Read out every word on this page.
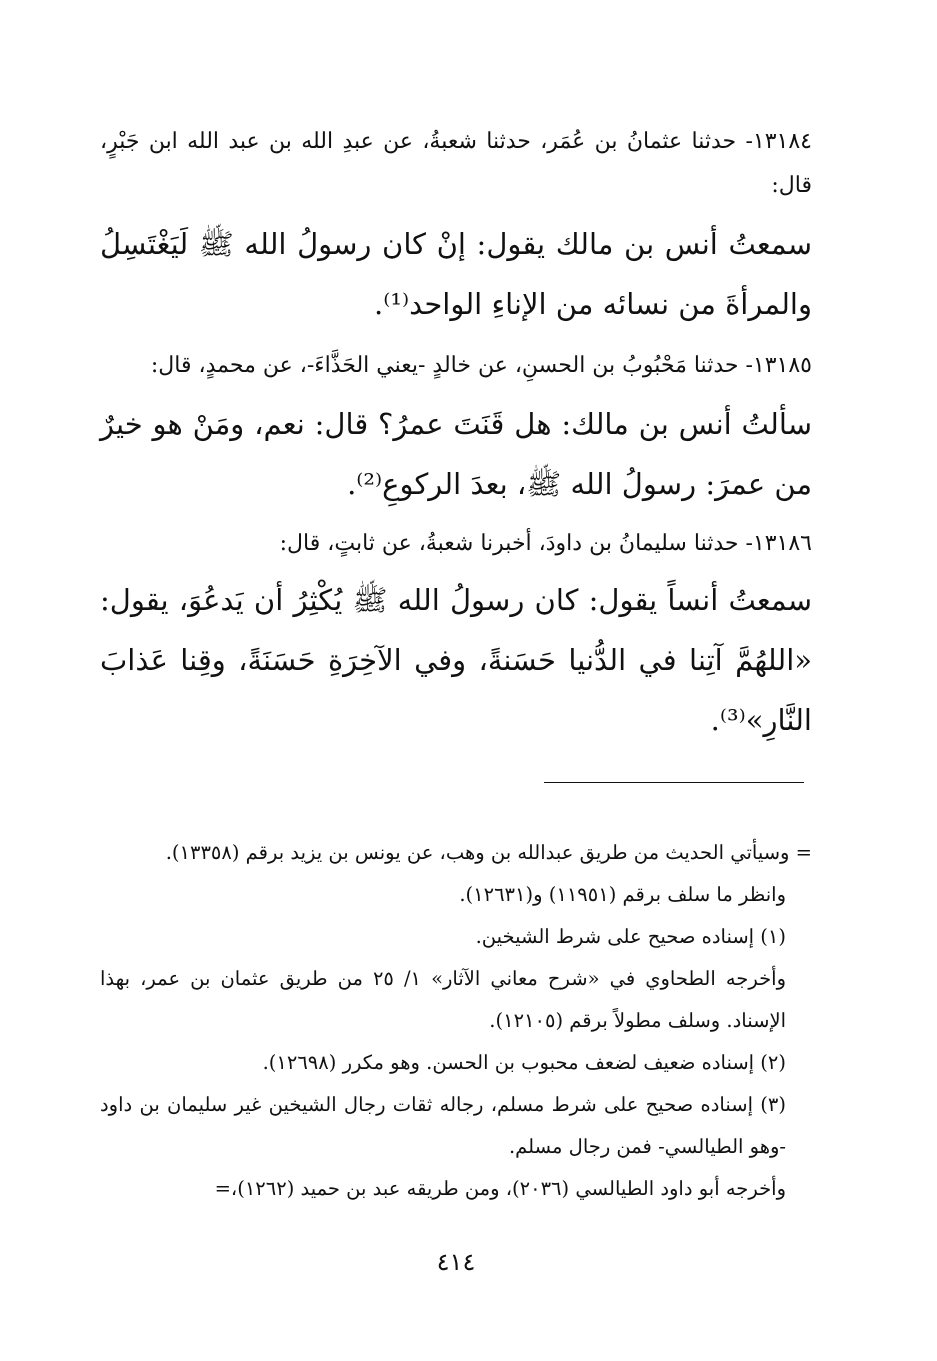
١٣١٨٤- حدثنا عثمانُ بن عُمَر، حدثنا شعبةُ، عن عبدِ الله بن عبد الله ابن جَبْرٍ، قال:

سمعتُ أنس بن مالك يقول: إنْ كان رسولُ الله ﷺ لَيَغْتَسِلُ والمرأةَ من نسائه من الإناءِ الواحد⁽¹⁾.

١٣١٨٥- حدثنا مَحْبُوبُ بن الحسنِ، عن خالدٍ -يعني الحَذَّاءَ-، عن محمدٍ، قال:

سألتُ أنس بن مالك: هل قَنَتَ عمرُ؟ قال: نعم، ومَنْ هو خيرٌ من عمرَ: رسولُ الله ﷺ، بعدَ الركوعِ⁽²⁾.

١٣١٨٦- حدثنا سليمانُ بن داودَ، أخبرنا شعبةُ، عن ثابتٍ، قال:

سمعتُ أنساً يقول: كان رسولُ الله ﷺ يُكْثِرُ أن يَدعُوَ، يقول: «اللهُمَّ آتِنا في الدُّنيا حَسَنةً، وفي الآخِرَةِ حَسَنَةً، وقِنا عَذابَ النَّارِ»⁽³⁾.

= وسيأتي الحديث من طريق عبدالله بن وهب، عن يونس بن يزيد برقم (١٣٣٥٨).

وانظر ما سلف برقم (١١٩٥١) و(١٢٦٣١).

(١) إسناده صحيح على شرط الشيخين.

وأخرجه الطحاوي في «شرح معاني الآثار» ١/ ٢٥ من طريق عثمان بن عمر، بهذا الإسناد. وسلف مطولاً برقم (١٢١٠٥).

(٢) إسناده ضعيف لضعف محبوب بن الحسن. وهو مكرر (١٢٦٩٨).

(٣) إسناده صحيح على شرط مسلم، رجاله ثقات رجال الشيخين غير سليمان بن داود -وهو الطيالسي- فمن رجال مسلم.

وأخرجه أبو داود الطيالسي (٢٠٣٦)، ومن طريقه عبد بن حميد (١٢٦٢)،=

٤١٤
